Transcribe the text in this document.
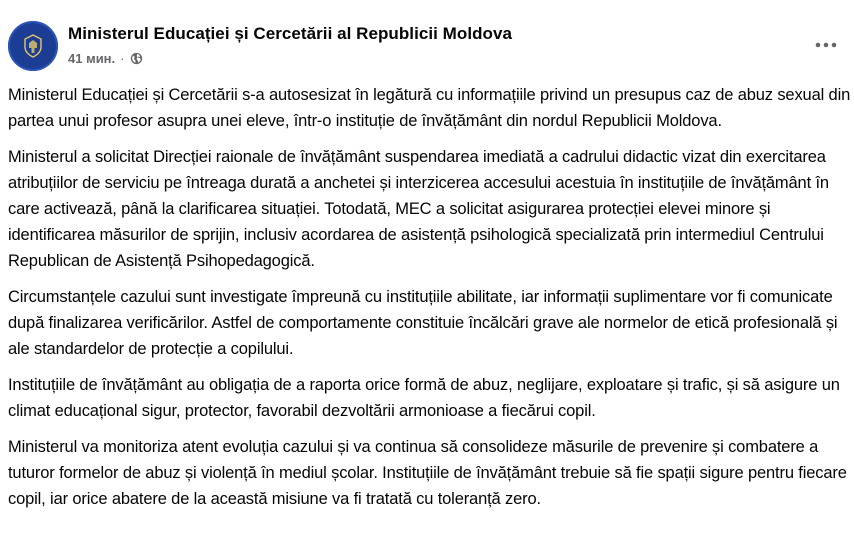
Ministerul Educației și Cercetării al Republicii Moldova
41 мин. ·

Ministerul Educației și Cercetării s-a autosesizat în legătură cu informațiile privind un presupus caz de abuz sexual din partea unui profesor asupra unei eleve, într-o instituție de învățământ din nordul Republicii Moldova.

Ministerul a solicitat Direcției raionale de învățământ suspendarea imediată a cadrului didactic vizat din exercitarea atribuțiilor de serviciu pe întreaga durată a anchetei și interzicerea accesului acestuia în instituțiile de învățământ în care activează, până la clarificarea situației. Totodată, MEC a solicitat asigurarea protecției elevei minore și identificarea măsurilor de sprijin, inclusiv acordarea de asistență psihologică specializată prin intermediul Centrului Republican de Asistență Psihopedagogică.

Circumstanțele cazului sunt investigate împreună cu instituțiile abilitate, iar informații suplimentare vor fi comunicate după finalizarea verificărilor. Astfel de comportamente constituie încălcări grave ale normelor de etică profesională și ale standardelor de protecție a copilului.

Instituțiile de învățământ au obligația de a raporta orice formă de abuz, neglijare, exploatare și trafic, și să asigure un climat educațional sigur, protector, favorabil dezvoltării armonioase a fiecărui copil.

Ministerul va monitoriza atent evoluția cazului și va continua să consolideze măsurile de prevenire și combatere a tuturor formelor de abuz și violență în mediul școlar. Instituțiile de învățământ trebuie să fie spații sigure pentru fiecare copil, iar orice abatere de la această misiune va fi tratată cu toleranță zero.
